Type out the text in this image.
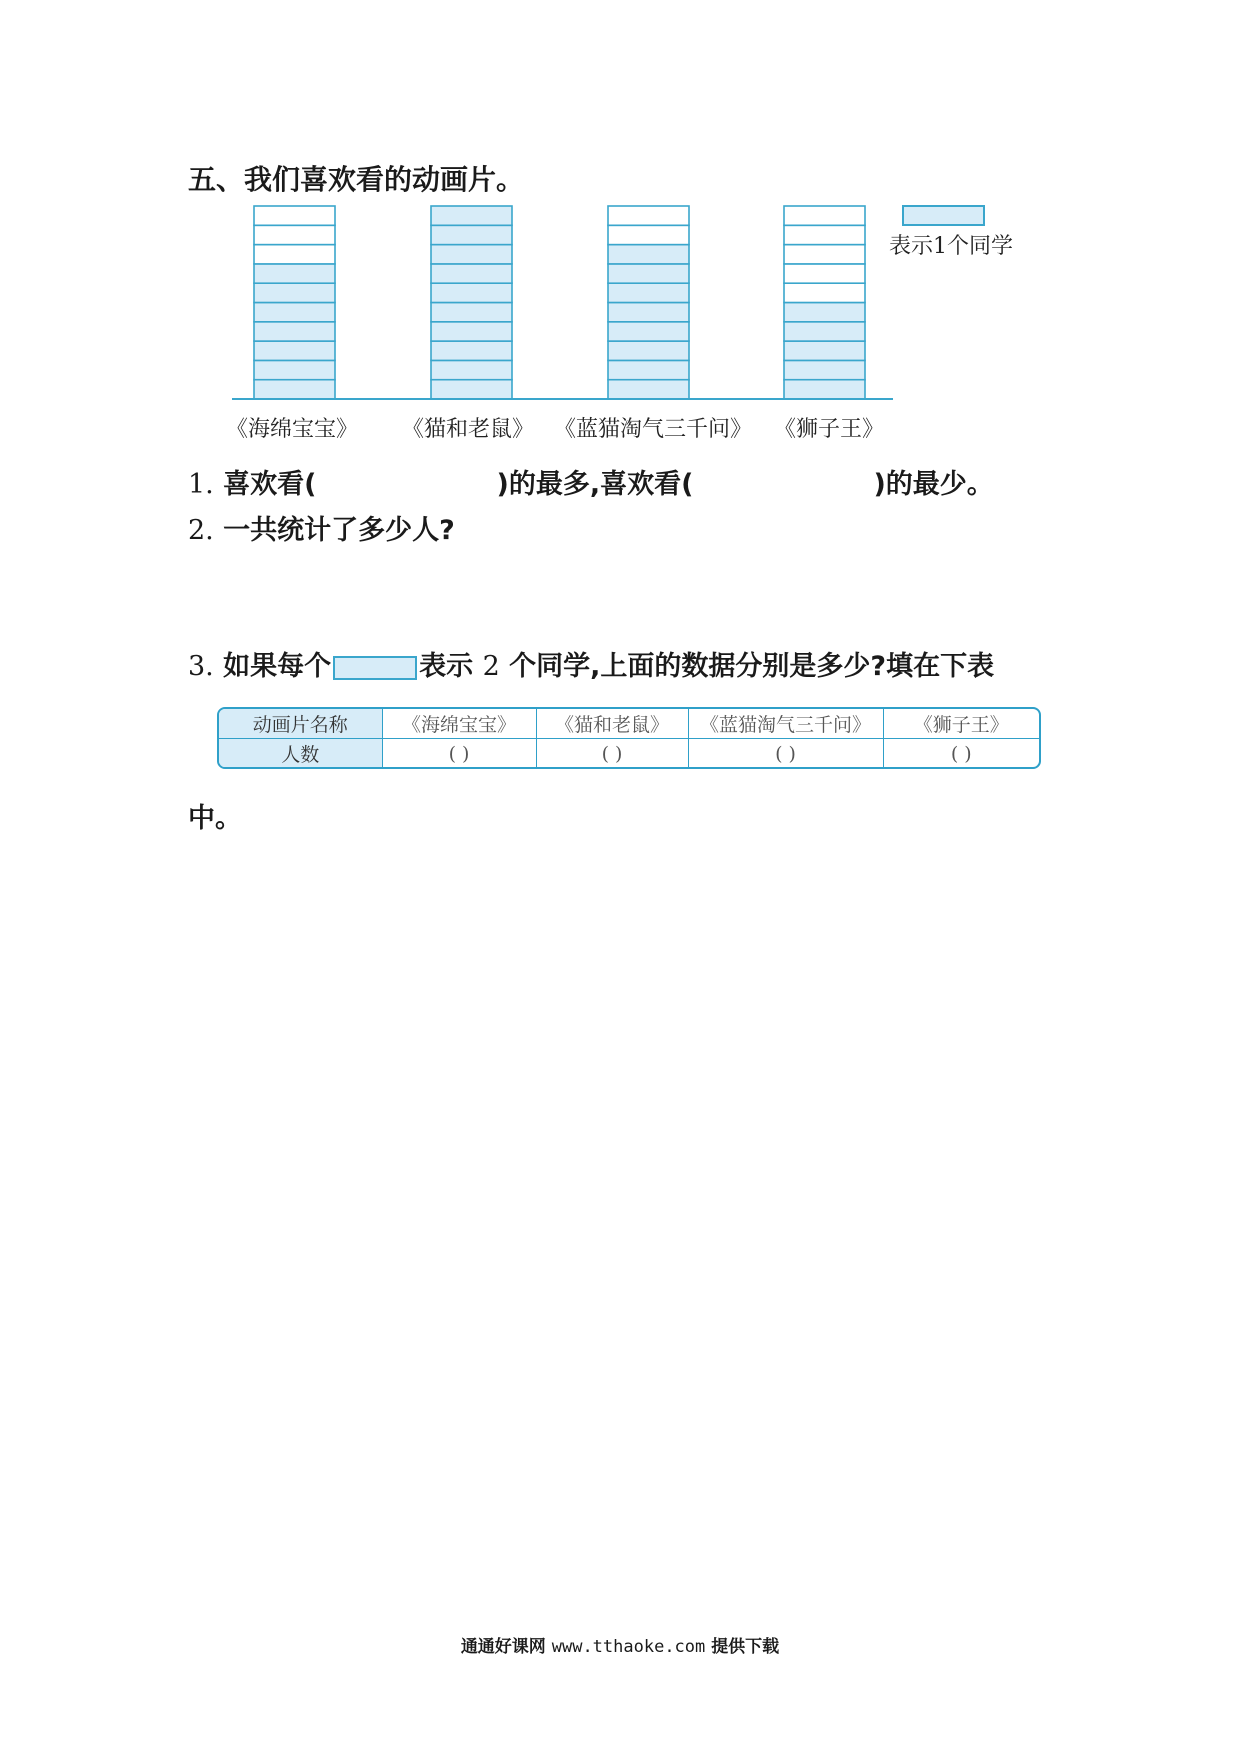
五、我们喜欢看的动画片。
《海绵宝宝》 《猫和老鼠》 《蓝猫淘气三千问》 《狮子王》
表示1个同学
1. 喜欢看(	)的最多,喜欢看(	)的最少。
2. 一共统计了多少人?
3. 如果每个	表示 2 个同学,上面的数据分别是多少?填在下表
动画片名称	《海绵宝宝》	《猫和老鼠》	《蓝猫淘气三千问》	《狮子王》
人数	( )	( )	( )	( )
中。
通通好课网 www.tthaoke.com 提供下载
